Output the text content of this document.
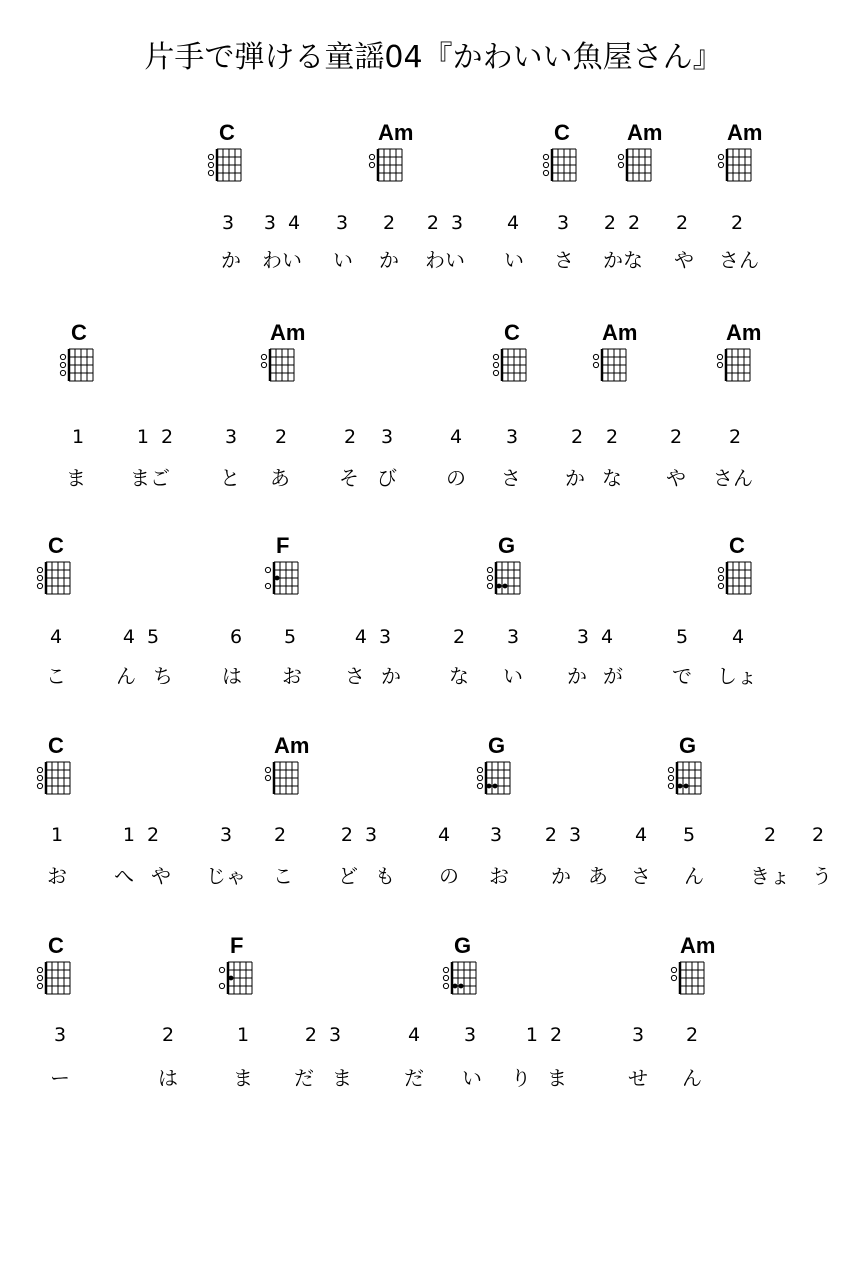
片手で弾ける童謡04『かわいい魚屋さん』
C	Am	C	Am	Am
3 3  4 3 2 2  3 4 3 2  2 2 2
か わい い か わい い さ かな や さん
C	Am	C	Am	Am
1	1  2	3 2	2 3	4 3	2 2	2 2
ま まご	と あ そ び の さ か な や さん
C	F	G	C
4	4  5	6 5	4  3	2 3	3  4	5 4
こ	ん ち は お さ か な い か が で しょ
C	Am	G	G
1	1  2	3 2	2  3	4 3 2  3	4 5	2 2
お へ や じゃ こ ど も の お か あ さ ん きょ う
C	F	G	Am
3	2	1	2  3	4 3	1  2	3 2
ー	は	ま だ ま	だ い り ま	せ ん
